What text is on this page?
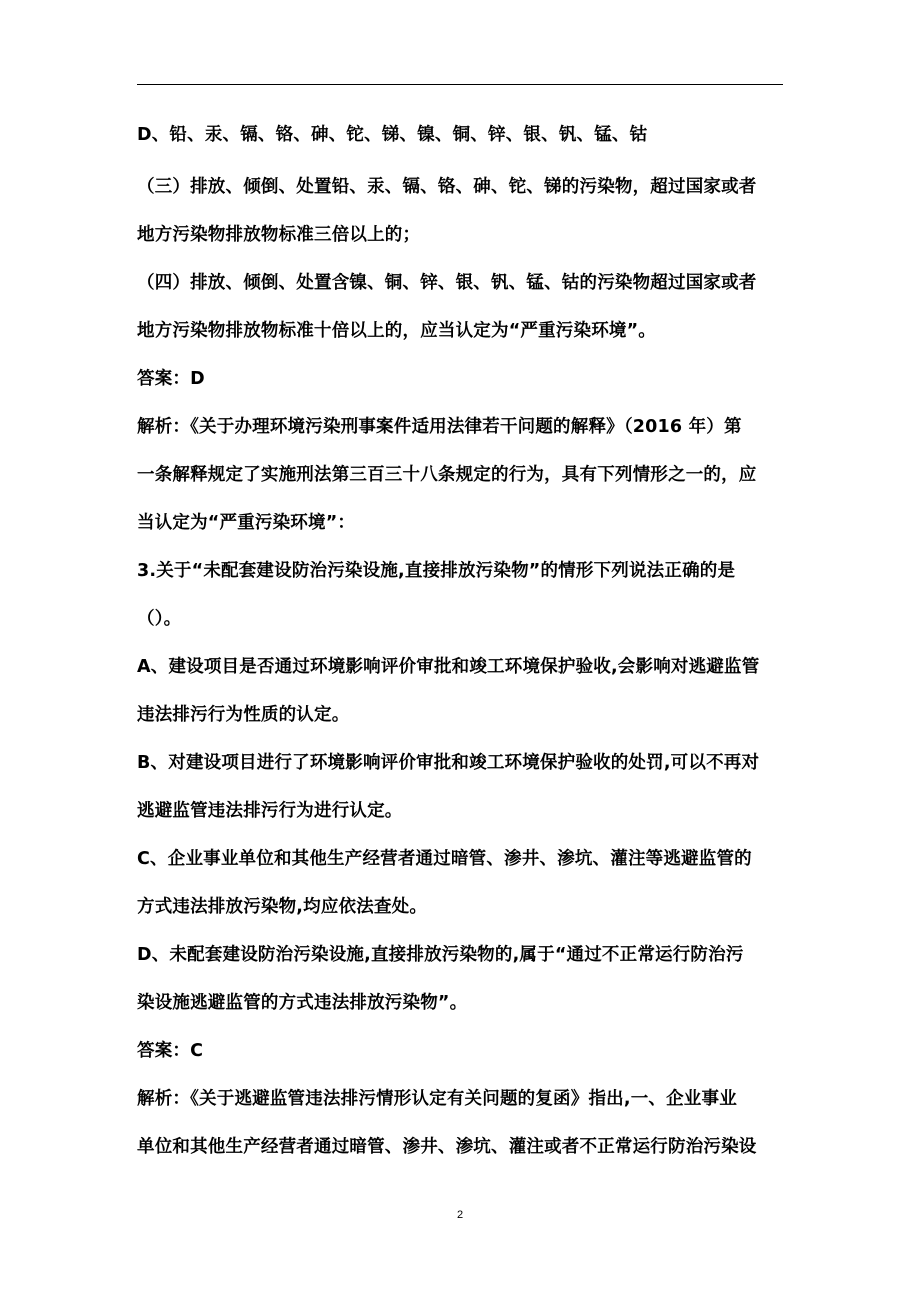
D、铅、汞、镉、铬、砷、铊、锑、镍、铜、锌、银、钒、锰、钴
（三）排放、倾倒、处置铅、汞、镉、铬、砷、铊、锑的污染物，超过国家或者
地方污染物排放物标准三倍以上的；
（四）排放、倾倒、处置含镍、铜、锌、银、钒、锰、钴的污染物超过国家或者
地方污染物排放物标准十倍以上的，应当认定为“严重污染环境”。
答案：D
解析：《关于办理环境污染刑事案件适用法律若干问题的解释》（2016 年）第
一条解释规定了实施刑法第三百三十八条规定的行为，具有下列情形之一的，应
当认定为“严重污染环境”：
3.关于“未配套建设防治污染设施,直接排放污染物”的情形下列说法正确的是
（）。
A、建设项目是否通过环境影响评价审批和竣工环境保护验收,会影响对逃避监管
违法排污行为性质的认定。
B、对建设项目进行了环境影响评价审批和竣工环境保护验收的处罚,可以不再对
逃避监管违法排污行为进行认定。
C、企业事业单位和其他生产经营者通过暗管、渗井、渗坑、灌注等逃避监管的
方式违法排放污染物,均应依法查处。
D、未配套建设防治污染设施,直接排放污染物的,属于“通过不正常运行防治污
染设施逃避监管的方式违法排放污染物”。
答案：C
解析：《关于逃避监管违法排污情形认定有关问题的复函》指出,一、企业事业
单位和其他生产经营者通过暗管、渗井、渗坑、灌注或者不正常运行防治污染设
2
